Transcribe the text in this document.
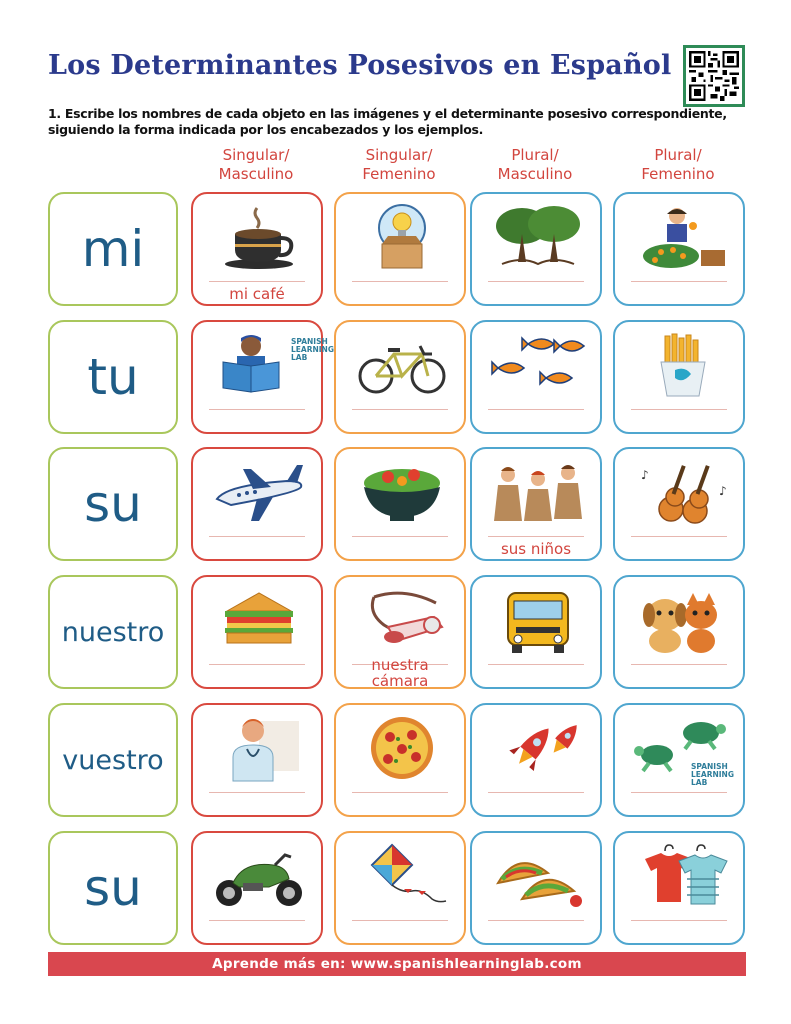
Los Determinantes Posesivos en Español
1. Escribe los nombres de cada objeto en las imágenes y el determinante posesivo correspondiente, siguiendo la forma indicada por los encabezados y los ejemplos.
Singular/
Masculino
Singular/
Femenino
Plural/
Masculino
Plural/
Femenino
mi
mi café
tu
SPANISH
LEARNING
LAB
su
sus niños
♪
♪
nuestro
nuestra
cámara
vuestro	SPANISH
LEARNING
LAB
su
Aprende más en: www.spanishlearninglab.com
